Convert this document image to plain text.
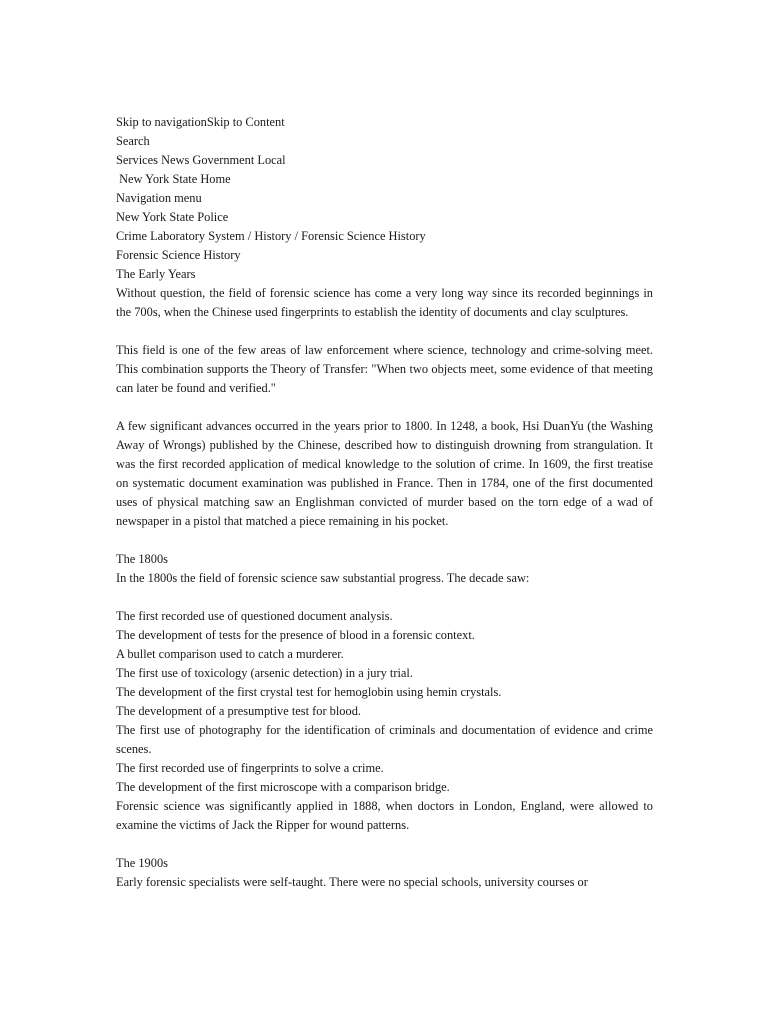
Skip to navigationSkip to Content
Search
Services News Government Local
New York State Home
Navigation menu
New York State Police
Crime Laboratory System / History / Forensic Science History
Forensic Science History
The Early Years

Without question, the field of forensic science has come a very long way since its recorded beginnings in the 700s, when the Chinese used fingerprints to establish the identity of documents and clay sculptures.

This field is one of the few areas of law enforcement where science, technology and crime-solving meet. This combination supports the Theory of Transfer: "When two objects meet, some evidence of that meeting can later be found and verified."

A few significant advances occurred in the years prior to 1800. In 1248, a book, Hsi DuanYu (the Washing Away of Wrongs) published by the Chinese, described how to distinguish drowning from strangulation. It was the first recorded application of medical knowledge to the solution of crime. In 1609, the first treatise on systematic document examination was published in France. Then in 1784, one of the first documented uses of physical matching saw an Englishman convicted of murder based on the torn edge of a wad of newspaper in a pistol that matched a piece remaining in his pocket.

The 1800s

In the 1800s the field of forensic science saw substantial progress. The decade saw:

The first recorded use of questioned document analysis.
The development of tests for the presence of blood in a forensic context.
A bullet comparison used to catch a murderer.
The first use of toxicology (arsenic detection) in a jury trial.
The development of the first crystal test for hemoglobin using hemin crystals.
The development of a presumptive test for blood.
The first use of photography for the identification of criminals and documentation of evidence and crime scenes.
The first recorded use of fingerprints to solve a crime.
The development of the first microscope with a comparison bridge.
Forensic science was significantly applied in 1888, when doctors in London, England, were allowed to examine the victims of Jack the Ripper for wound patterns.
The 1900s

Early forensic specialists were self-taught. There were no special schools, university courses or
